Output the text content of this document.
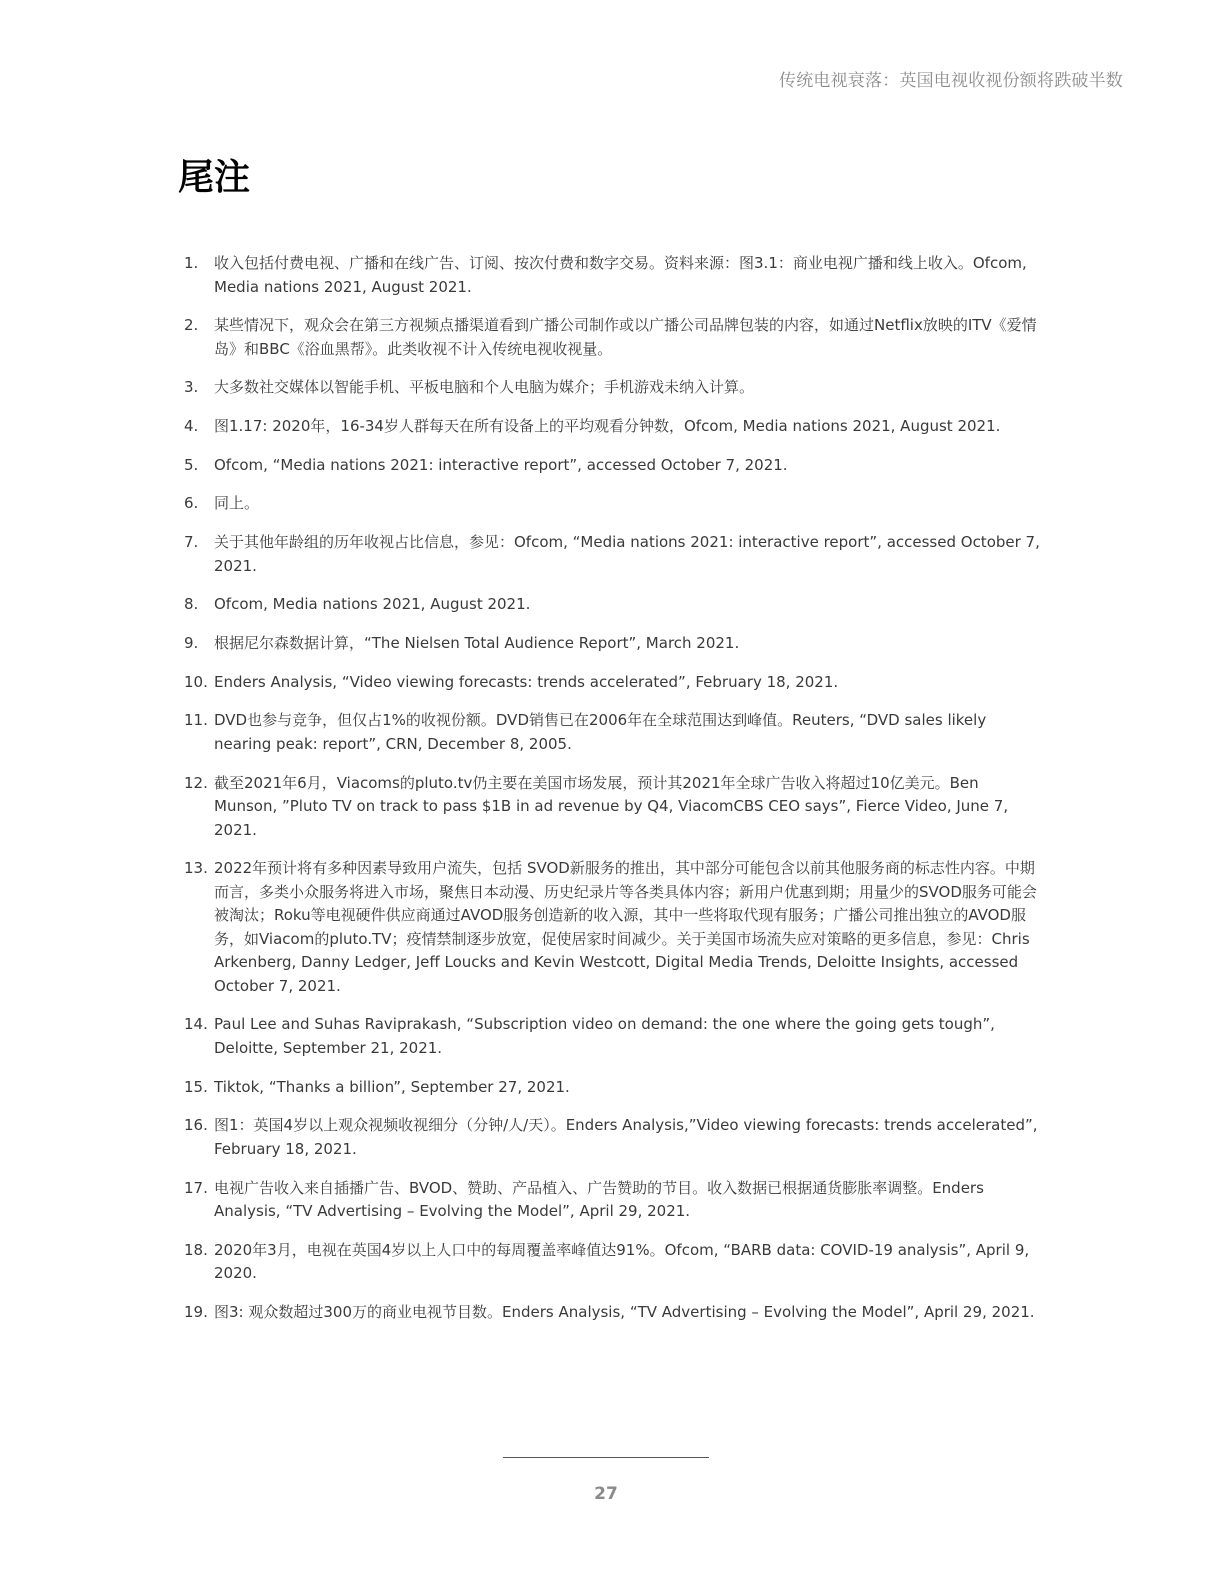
传统电视衰落：英国电视收视份额将跌破半数
尾注
1.	收入包括付费电视、广播和在线广告、订阅、按次付费和数字交易。资料来源：图3.1：商业电视广播和线上收入。Ofcom, Media nations 2021, August 2021.
2.	某些情况下，观众会在第三方视频点播渠道看到广播公司制作或以广播公司品牌包装的内容，如通过Netflix放映的ITV《爱情岛》和BBC《浴血黑帮》。此类收视不计入传统电视收视量。
3.	大多数社交媒体以智能手机、平板电脑和个人电脑为媒介；手机游戏未纳入计算。
4.	图1.17: 2020年，16-34岁人群每天在所有设备上的平均观看分钟数，Ofcom, Media nations 2021, August 2021.
5.	Ofcom, “Media nations 2021: interactive report”, accessed October 7, 2021.
6.	同上。
7.	关于其他年龄组的历年收视占比信息，参见：Ofcom, “Media nations 2021: interactive report”, accessed October 7, 2021.
8.	Ofcom, Media nations 2021, August 2021.
9.	根据尼尔森数据计算，“The Nielsen Total Audience Report”, March 2021.
10. Enders Analysis, “Video viewing forecasts: trends accelerated”, February 18, 2021.
11. DVD也参与竞争，但仅占1%的收视份额。DVD销售已在2006年在全球范围达到峰值。Reuters, “DVD sales likely nearing peak: report”, CRN, December 8, 2005.
12. 截至2021年6月，Viacoms的pluto.tv仍主要在美国市场发展，预计其2021年全球广告收入将超过10亿美元。Ben Munson, ”Pluto TV on track to pass $1B in ad revenue by Q4, ViacomCBS CEO says”, Fierce Video, June 7, 2021.
13. 2022年预计将有多种因素导致用户流失，包括 SVOD新服务的推出，其中部分可能包含以前其他服务商的标志性内容。中期而言，多类小众服务将进入市场，聚焦日本动漫、历史纪录片等各类具体内容；新用户优惠到期；用量少的SVOD服务可能会被淘汰；Roku等电视硬件供应商通过AVOD服务创造新的收入源，其中一些将取代现有服务；广播公司推出独立的AVOD服务，如Viacom的pluto.TV；疫情禁制逐步放宽，促使居家时间减少。关于美国市场流失应对策略的更多信息，参见：Chris Arkenberg, Danny Ledger, Jeff Loucks and Kevin Westcott, Digital Media Trends, Deloitte Insights, accessed October 7, 2021.
14. Paul Lee and Suhas Raviprakash, “Subscription video on demand: the one where the going gets tough”, Deloitte, September 21, 2021.
15. Tiktok, “Thanks a billion”, September 27, 2021.
16. 图1：英国4岁以上观众视频收视细分（分钟/人/天）。Enders Analysis,”Video viewing forecasts: trends accelerated”, February 18, 2021.
17. 电视广告收入来自插播广告、BVOD、赞助、产品植入、广告赞助的节目。收入数据已根据通货膨胀率调整。Enders Analysis, “TV Advertising – Evolving the Model”, April 29, 2021.
18. 2020年3月，电视在英国4岁以上人口中的每周覆盖率峰值达91%。Ofcom, “BARB data: COVID-19 analysis”, April 9, 2020.
19. 图3: 观众数超过300万的商业电视节目数。Enders Analysis, “TV Advertising – Evolving the Model”, April 29, 2021.
27
